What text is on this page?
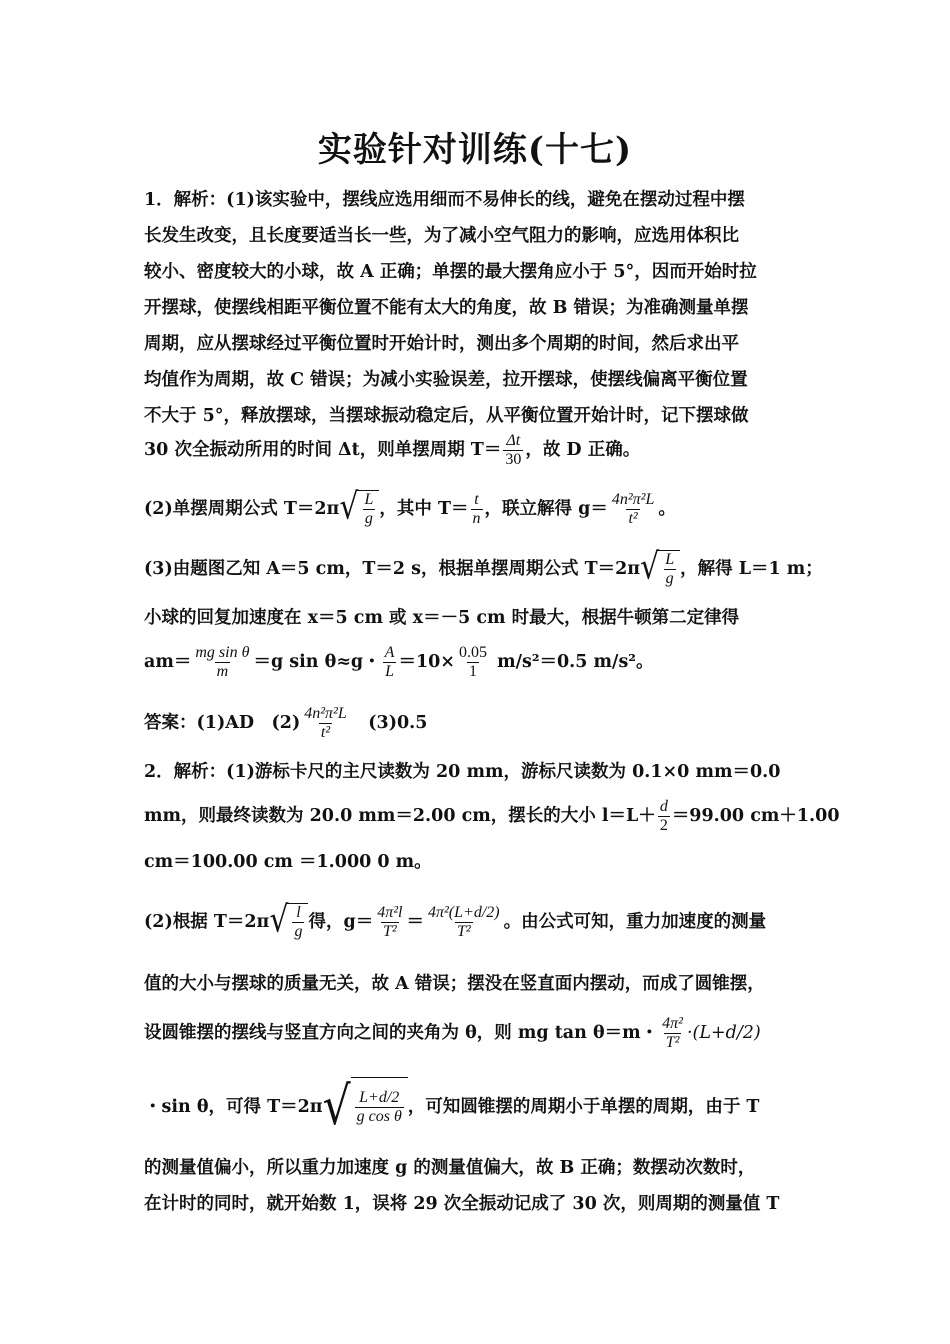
实验针对训练(十七)
1．解析：(1)该实验中，摆线应选用细而不易伸长的线，避免在摆动过程中摆
长发生改变，且长度要适当长一些，为了减小空气阻力的影响，应选用体积比
较小、密度较大的小球，故 A 正确；单摆的最大摆角应小于 5°，因而开始时拉
开摆球，使摆线相距平衡位置不能有太大的角度，故 B 错误；为准确测量单摆
周期，应从摆球经过平衡位置时开始计时，测出多个周期的时间，然后求出平
均值作为周期，故 C 错误；为减小实验误差，拉开摆球，使摆线偏离平衡位置
不大于 5°，释放摆球，当摆球振动稳定后，从平衡位置开始计时，记下摆球做
30 次全振动所用的时间 Δt，则单摆周期 $T= \frac{\Delta t}{30}$ ，故 D 正确。
(2)单摆周期公式 T＝2π √ $\frac{L}{g}$ ，其中 $T= \frac{t}{n}$ ，联立解得 $g= \frac{\text{4n²π²L}}{\text{t²}}$ 。
(3)由题图乙知 A＝5 cm，T＝2 s，根据单摆周期公式 T＝2π √ $\frac{L}{g}$ ，解得 L＝1 m；
小球的回复加速度在 x＝5 cm 或 x＝－5 cm 时最大，根据牛顿第二定律得
$am= \frac{\text{mg sin θ}}{m} =g$ sin θ≈g・ $\frac{A}{L} =10\times \frac{0.05}{1} m/s^2=0.5$ m/s²。
答案：(1)AD　$(2) \frac{\text{4n²π²L}}{\text{t²}}$ 　(3)0.5
2．解析：(1)游标卡尺的主尺读数为 20 mm，游标尺读数为 0.1×0 mm＝0.0
mm，则最终读数为 20.0 mm＝2.00 cm，摆长的大小 $l=L+ \frac{d}{2} =99.00$ cm＋1.00
cm＝100.00 cm ＝1.000 0 m。
(2)根据 T＝2π √ $\frac{l}{g}$ 得，$g= \frac{\text{4π²l}}{\text{T²}} = \frac{\text{4π²(L+d/2)}}{\text{T²}}$ 。由公式可知，重力加速度的测量
值的大小与摆球的质量无关，故 A 错误；摆没在竖直面内摆动，而成了圆锥摆，
设圆锥摆的摆线与竖直方向之间的夹角为 θ，则 mg tan θ＝m・ $\frac{\text{4π²}}{\text{T²}} \cdot(L+d/2)$
・sin θ，可得 T＝2π √ $\frac{L+d/2}{\text{g cos θ}}$ ，可知圆锥摆的周期小于单摆的周期，由于 T
的测量值偏小，所以重力加速度 g 的测量值偏大，故 B 正确；数摆动次数时，
在计时的同时，就开始数 1，误将 29 次全振动记成了 30 次，则周期的测量值 T
